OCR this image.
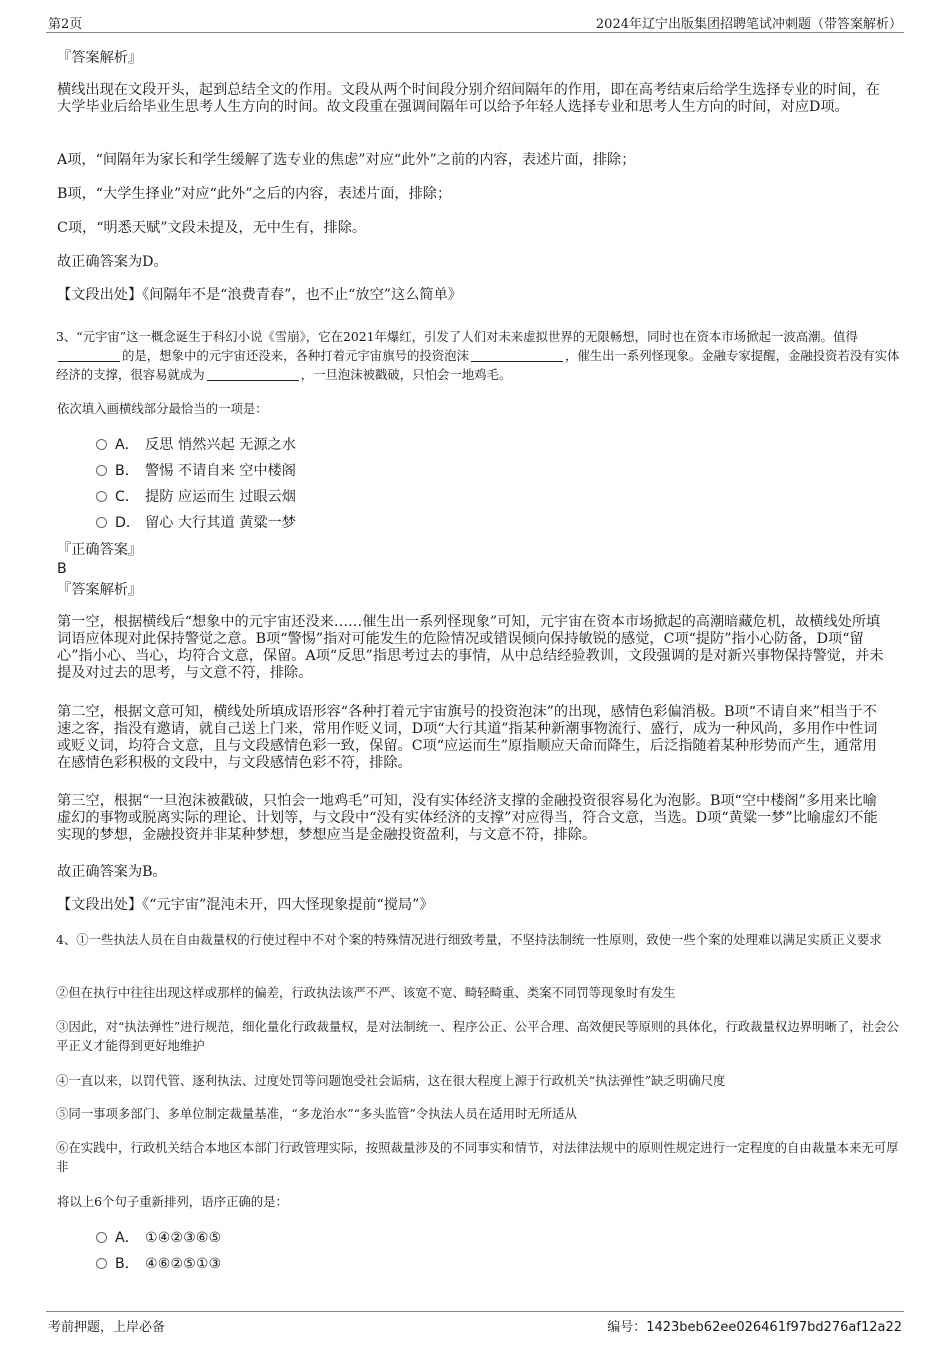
第2页	2024年辽宁出版集团招聘笔试冲刺题（带答案解析）
『答案解析』
横线出现在文段开头，起到总结全文的作用。文段从两个时间段分别介绍间隔年的作用，即在高考结束后给学生选择专业的时间，在大学毕业后给毕业生思考人生方向的时间。故文段重在强调间隔年可以给予年轻人选择专业和思考人生方向的时间，对应D项。
A项，“间隔年为家长和学生缓解了选专业的焦虑”对应“此外”之前的内容，表述片面，排除；
B项，“大学生择业”对应“此外”之后的内容，表述片面，排除；
C项，“明悉天赋”文段未提及，无中生有，排除。
故正确答案为D。
【文段出处】《间隔年不是“浪费青春”，也不止“放空”这么简单》
3、“元宇宙”这一概念诞生于科幻小说《雪崩》，它在2021年爆红，引发了人们对未来虚拟世界的无限畅想，同时也在资本市场掀起一波高潮。值得的是，想象中的元宇宙还没来，各种打着元宇宙旗号的投资泡沫	，催生出一系列怪现象。金融专家提醒，金融投资若没有实体经济的支撑，很容易就成为	，一旦泡沫被戳破，只怕会一地鸡毛。
依次填入画横线部分最恰当的一项是：
A． 反思 悄然兴起 无源之水
B． 警惕 不请自来 空中楼阁
C． 提防 应运而生 过眼云烟
D． 留心 大行其道 黄粱一梦
『正确答案』
B
『答案解析』
第一空，根据横线后“想象中的元宇宙还没来……催生出一系列怪现象”可知，元宇宙在资本市场掀起的高潮暗藏危机，故横线处所填词语应体现对此保持警觉之意。B项“警惕”指对可能发生的危险情况或错误倾向保持敏锐的感觉，C项“提防”指小心防备，D项“留心”指小心、当心，均符合文意，保留。A项“反思”指思考过去的事情，从中总结经验教训，文段强调的是对新兴事物保持警觉，并未提及对过去的思考，与文意不符，排除。
第二空，根据文意可知，横线处所填成语形容“各种打着元宇宙旗号的投资泡沫”的出现，感情色彩偏消极。B项“不请自来”相当于不速之客，指没有邀请，就自己送上门来，常用作贬义词，D项“大行其道”指某种新潮事物流行、盛行，成为一种风尚，多用作中性词或贬义词，均符合文意，且与文段感情色彩一致，保留。C项“应运而生”原指顺应天命而降生，后泛指随着某种形势而产生，通常用在感情色彩积极的文段中，与文段感情色彩不符，排除。
第三空，根据“一旦泡沫被戳破，只怕会一地鸡毛”可知，没有实体经济支撑的金融投资很容易化为泡影。B项“空中楼阁”多用来比喻虚幻的事物或脱离实际的理论、计划等，与文段中“没有实体经济的支撑”对应得当，符合文意，当选。D项“黄粱一梦”比喻虚幻不能实现的梦想，金融投资并非某种梦想，梦想应当是金融投资盈利，与文意不符，排除。
故正确答案为B。
【文段出处】《“元宇宙”混沌未开，四大怪现象提前“搅局”》
4、①一些执法人员在自由裁量权的行使过程中不对个案的特殊情况进行细致考量，不坚持法制统一性原则，致使一些个案的处理难以满足实质正义要求
②但在执行中往往出现这样或那样的偏差，行政执法该严不严、该宽不宽、畸轻畸重、类案不同罚等现象时有发生
③因此，对“执法弹性”进行规范，细化量化行政裁量权，是对法制统一、程序公正、公平合理、高效便民等原则的具体化，行政裁量权边界明晰了，社会公平正义才能得到更好地维护
④一直以来，以罚代管、逐利执法、过度处罚等问题饱受社会诟病，这在很大程度上源于行政机关“执法弹性”缺乏明确尺度
⑤同一事项多部门、多单位制定裁量基准，“多龙治水”“多头监管”令执法人员在适用时无所适从
⑥在实践中，行政机关结合本地区本部门行政管理实际，按照裁量涉及的不同事实和情节，对法律法规中的原则性规定进行一定程度的自由裁量本来无可厚非
将以上6个句子重新排列，语序正确的是：
A． ①④②③⑥⑤
B． ④⑥②⑤①③
考前押题，上岸必备	编号：1423beb62ee026461f97bd276af12a22
